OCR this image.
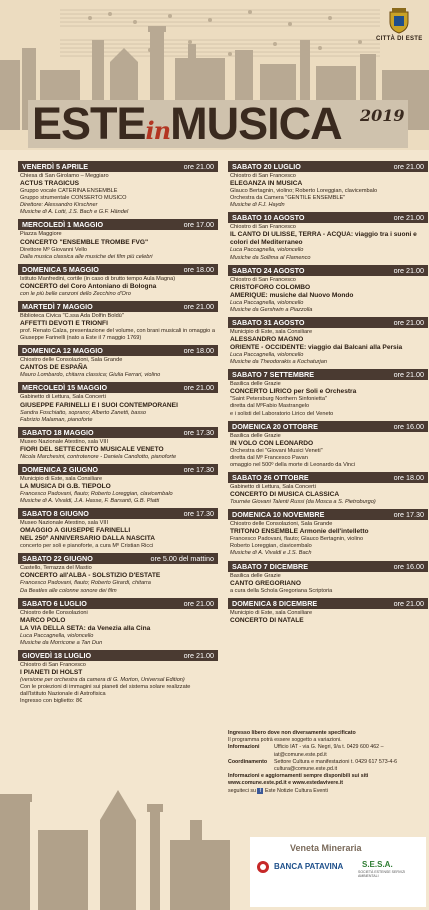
CITTÀ DI ESTE
ESTEinMUSICA 2019
VENERDÌ 5 APRILE	ore 21.00
Chiesa di San Girolamo – Meggiaro
ACTUS TRAGICUS
Gruppo vocale CATERINA ENSEMBLE
Gruppo strumentale CONSERTO MUSICO
Direttore: Alessandro Kirschner
Musiche di A. Lotti, J.S. Bach e G.F. Händel
MERCOLEDÌ 1 MAGGIO	ore 17.00
Piazza Maggiore
CONCERTO "ENSEMBLE TROMBE FVG"
Direttore Mº Giovanni Vello
Dalla musica classica alle musiche dei film più celebri
DOMENICA 5 MAGGIO	ore 18.00
Istituto Manfredini, cortile (in caso di brutto tempo Aula Magna)
CONCERTO del Coro Antoniano di Bologna
con le più belle canzoni dello Zecchino d'Oro
MARTEDÌ 7 MAGGIO	ore 21.00
Biblioteca Civica "C.ssa Ada Dolfin Boldù"
AFFETTI DEVOTI E TRIONFI
prof. Renato Calza, presentazione del volume, con brani musicali in omaggio a Giuseppe Farinelli (nato a Este il 7 maggio 1769)
DOMENICA 12 MAGGIO	ore 18.00
Chiostro delle Consolazioni, Sala Grande
CANTOS DE ESPAÑA
Mauro Lombardo, chitarra classica; Giulia Ferrari, violino
MERCOLEDÌ 15 MAGGIO	ore 21.00
Gabinetto di Lettura, Sala Concerti
GIUSEPPE FARINELLI E I SUOI CONTEMPORANEI
Sandra Foschiatto, soprano; Alberto Zanetti, basso
Fabrizio Malaman, pianoforte
SABATO 18 MAGGIO	ore 17.30
Museo Nazionale Atestino, sala VIII
FIORI DEL SETTECENTO MUSICALE VENETO
Nicola Marchesini, controtenore - Daniela Candiotto, pianoforte
DOMENICA 2 GIUGNO	ore 17.30
Municipio di Este, sala Consiliare
LA MUSICA DI G.B. TIEPOLO
Francesco Padovani, flauto; Roberto Loreggian, clavicembalo
Musiche di A. Vivaldi, J.A. Hasse, F. Barsanti, G.B. Platti
SABATO 8 GIUGNO	ore 17.30
Museo Nazionale Atestino, sala VIII
OMAGGIO A GIUSEPPE FARINELLI
NEL 250º ANNIVERSARIO DALLA NASCITA
concerto per soli e pianoforte, a cura Mº Cristian Ricci
SABATO 22 GIUGNO	ore 5.00 del mattino
Castello, Terrazza del Mastio
CONCERTO all'ALBA - SOLSTIZIO D'ESTATE
Francesco Padovani, flauto; Roberto Girardi, chitarra
Da Beatles alle colonne sonore dei film
SABATO 6 LUGLIO	ore 21.00
Chiostro delle Consolazioni
MARCO POLO
LA VIA DELLA SETA: da Venezia alla Cina
Luca Paccagnella, violoncello
Musiche da Morricone a Tan Dun
GIOVEDÌ 18 LUGLIO	ore 21.00
Chiostro di San Francesco
I PIANETI DI HOLST
(versione per orchestra da camera di G. Morton, Universal Edition)
Con le proiezioni di immagini sui pianeti del sistema solare realizzate dall'Istituto Nazionale di Astrofisica
Ingresso con biglietto: 8€
SABATO 20 LUGLIO	ore 21.00
Chiostro di San Francesco
ELEGANZA IN MUSICA
Glauco Bertagnin, violino; Roberto Loreggian, clavicembalo
Orchestra da Camera "GENTILE ENSEMBLE"
Musiche di F.J. Haydn
SABATO 10 AGOSTO	ore 21.00
Chiostro di San Francesco
IL CANTO DI ULISSE, TERRA - ACQUA: viaggio tra i suoni e colori del Mediterraneo
Luca Paccagnella, violoncello
Musiche da Sollima al Flamenco
SABATO 24 AGOSTO	ore 21.00
Chiostro di San Francesco
CRISTOFORO COLOMBO
AMERIQUE: musiche dal Nuovo Mondo
Luca Paccagnella, violoncello
Musiche da Gershwin a Piazzolla
SABATO 31 AGOSTO	ore 21.00
Municipio di Este, sala Consiliare
ALESSANDRO MAGNO
ORIENTE - OCCIDENTE: viaggio dai Balcani alla Persia
Luca Paccagnella, violoncello
Musiche da Theodorakis a Kochaturjan
SABATO 7 SETTEMBRE	ore 21.00
Basilica delle Grazie
CONCERTO LIRICO per Soli e Orchestra
"Saint Petersburg Northern Sinfonietta"
diretta dal MºFabio Mastrangelo
e i solisti del Laboratorio Lirico del Veneto
DOMENICA 20 OTTOBRE	ore 16.00
Basilica delle Grazie
IN VOLO CON LEONARDO
Orchestra dei "Giovani Musici Veneti"
diretta dal Mº Francesco Pavan
omaggio nel 500º della morte di Leonardo da Vinci
SABATO 26 OTTOBRE	ore 18.00
Gabinetto di Lettura, Sala Concerti
CONCERTO DI MUSICA CLASSICA
Tournée Giovani Talenti Russi (da Mosca a S. Pietroburgo)
DOMENICA 10 NOVEMBRE	ore 17.30
Chiostro delle Consolazioni, Sala Grande
TRITONO ENSEMBLE Armonie dell'intelletto
Francesco Padovani, flauto; Glauco Bertagnin, violino
Roberto Loreggian, clavicembalo
Musiche di A. Vivaldi e J.S. Bach
SABATO 7 DICEMBRE	ore 16.00
Basilica delle Grazie
CANTO GREGORIANO
a cura della Schola Gregoriana Scriptoria
DOMENICA 8 DICEMBRE	ore 21.00
Municipio di Este, sala Consiliare
CONCERTO DI NATALE
Ingresso libero dove non diversamente specificato
Il programma potrà essere soggetto a variazioni.
Informazioni	Ufficio IAT - via G. Negri, 9/a t. 0429 600 462 – iat@comune.este.pd.it
Coordinamento	Settore Cultura e manifestazioni t. 0429 617 573-4-6 cultura@comune.este.pd.it
Informazioni e aggiornamenti sempre disponibili sui siti www.comune.este.pd.it e www.estedavivere.it
seguiteci su f Este Notizie Cultura Eventi
Veneta Mineraria
BANCA PATAVINA S.E.S.A.
SOCIETÀ ESTENSE SERVIZI AMBIENTALI
